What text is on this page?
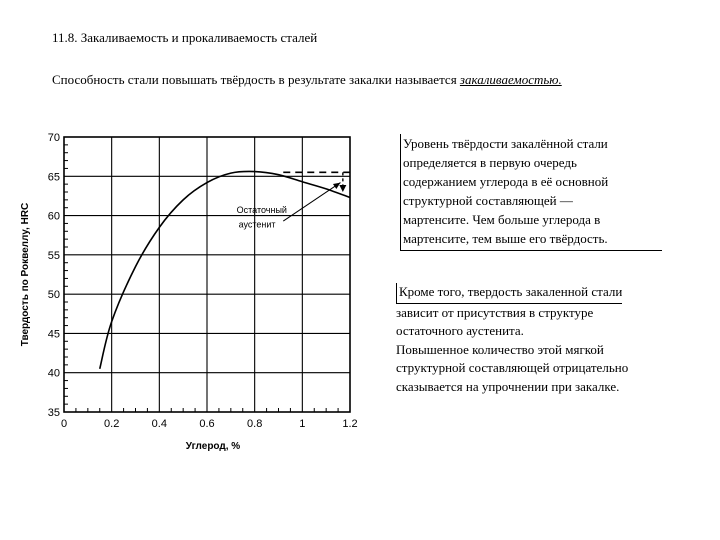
11.8. Закаливаемость и прокаливаемость сталей
Способность стали повышать твёрдость в результате закалки называется закаливаемостью.
0	0.2	0.4	0.6	0.8	1	1.2
35
40
45
50
55
60
65
70
Остаточный
аустенит
Углерод, %
Твердость по Роквеллу, HRC
Уровень твёрдости закалённой стали
определяется в первую очередь
содержанием углерода в её основной
структурной составляющей —
мартенсите. Чем больше углерода в
мартенсите, тем выше его твёрдость.
Кроме того, твердость закаленной стали
зависит от присутствия в структуре
остаточного аустенита.
Повышенное количество этой мягкой
структурной составляющей отрицательно
сказывается на упрочнении при закалке.
